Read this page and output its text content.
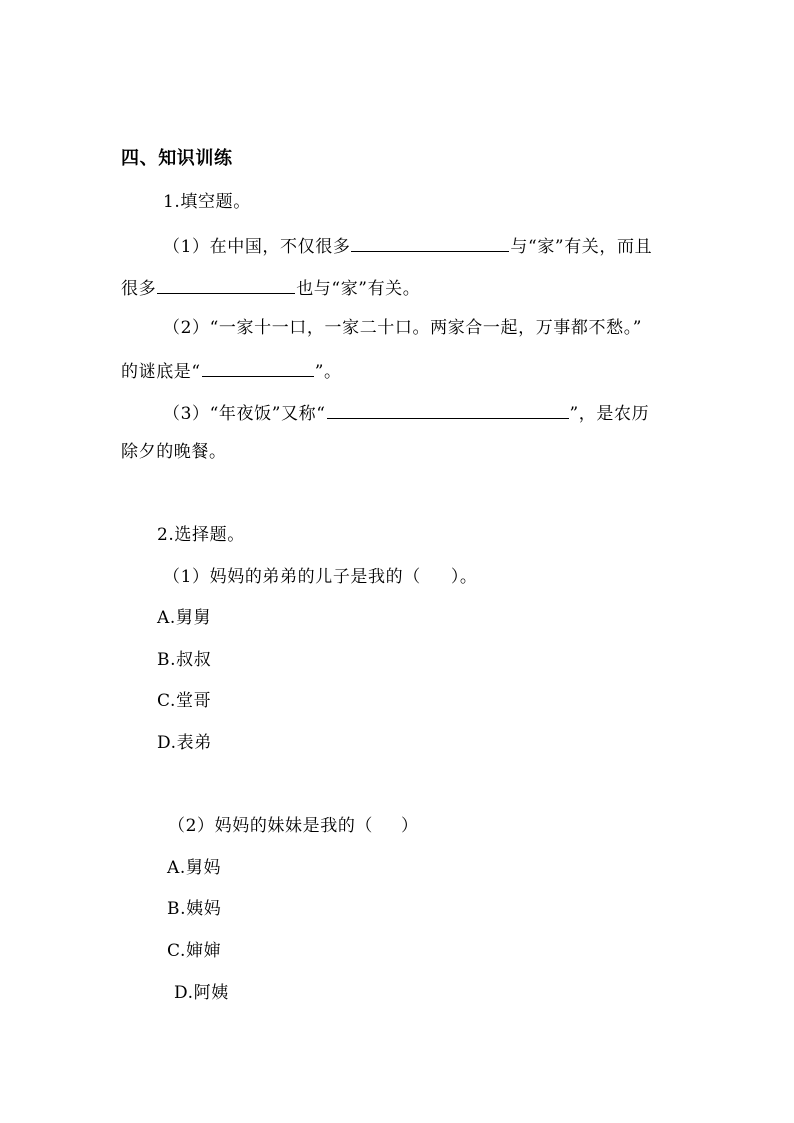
四、知识训练
1.填空题。
（1）在中国，不仅很多	与“家”有关，而且
很多	也与“家”有关。
（2）“一家十一口，一家二十口。两家合一起，万事都不愁。”
的谜底是“	”。
（3）“年夜饭”又称“	”，是农历
除夕的晚餐。
2.选择题。
（1）妈妈的弟弟的儿子是我的（ ）。
A.舅舅
B.叔叔
C.堂哥
D.表弟
（2）妈妈的妹妹是我的（ ）
A.舅妈
B.姨妈
C.婶婶
D.阿姨
